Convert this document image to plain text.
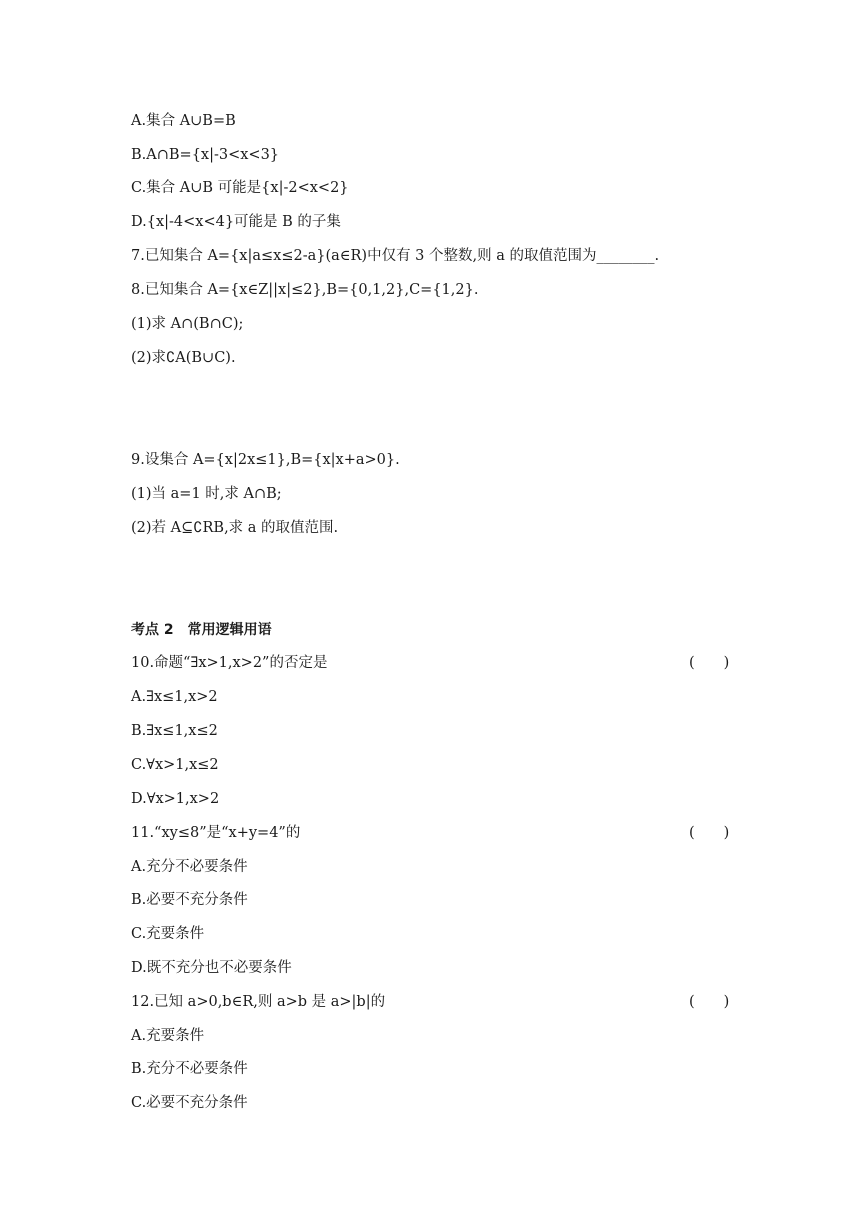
A.集合 A∪B=B
B.A∩B={x|-3<x<3}
C.集合 A∪B 可能是{x|-2<x<2}
D.{x|-4<x<4}可能是 B 的子集
7.已知集合 A={x|a≤x≤2-a}(a∈R)中仅有 3 个整数,则 a 的取值范围为________.
8.已知集合 A={x∈Z||x|≤2},B={0,1,2},C={1,2}.
(1)求 A∩(B∩C);
(2)求∁A(B∪C).
9.设集合 A={x|2x≤1},B={x|x+a>0}.
(1)当 a=1 时,求 A∩B;
(2)若 A⊆∁RB,求 a 的取值范围.
考点 2　常用逻辑用语
10.命题“∃x>1,x>2”的否定是	(　　)
A.∃x≤1,x>2
B.∃x≤1,x≤2
C.∀x>1,x≤2
D.∀x>1,x>2
11.“xy≤8”是“x+y=4”的	(　　)
A.充分不必要条件
B.必要不充分条件
C.充要条件
D.既不充分也不必要条件
12.已知 a>0,b∈R,则 a>b 是 a>|b|的	(　　)
A.充要条件
B.充分不必要条件
C.必要不充分条件
